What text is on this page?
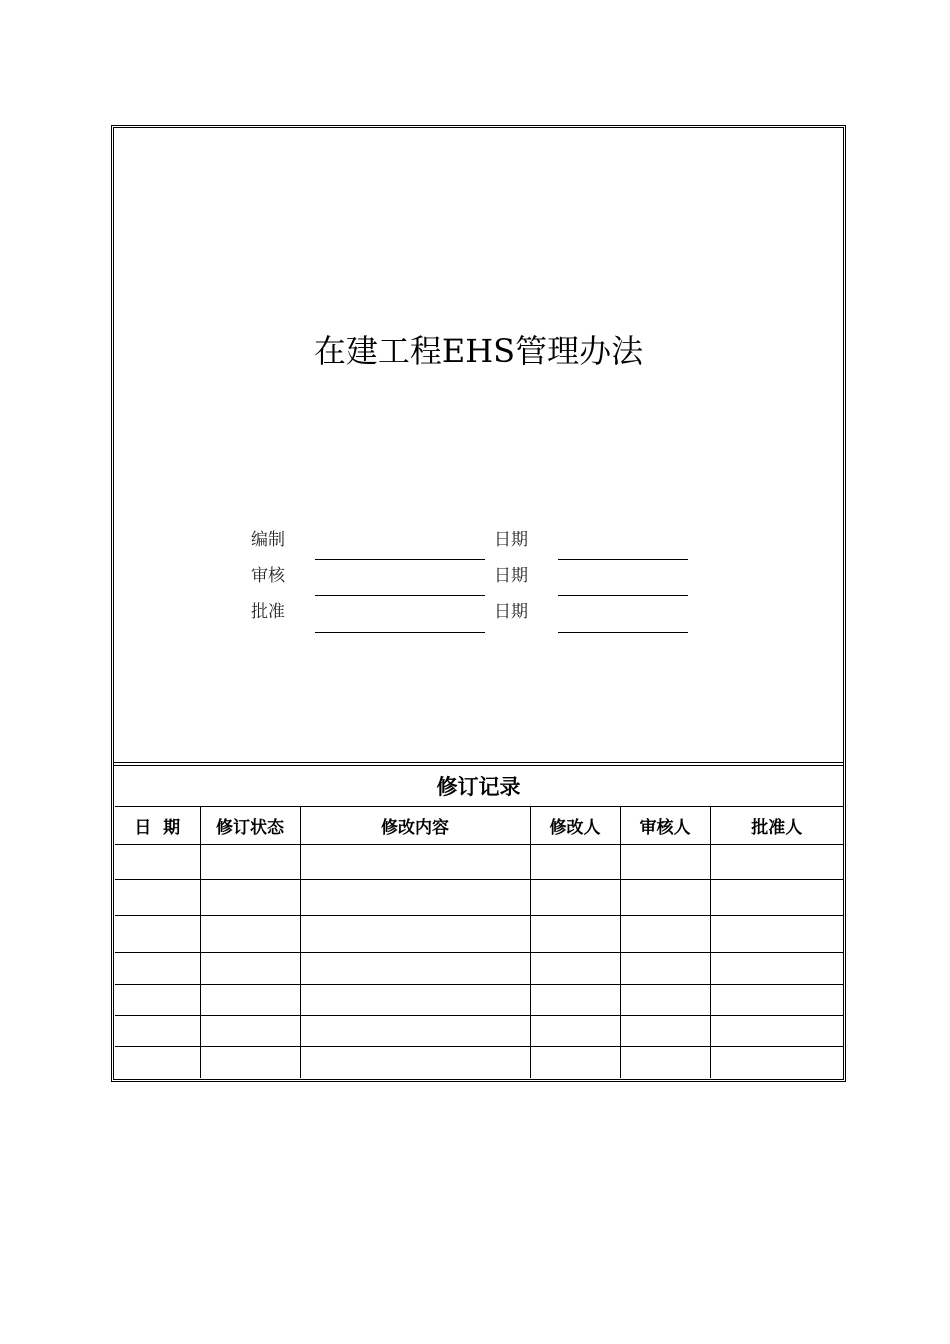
在建工程EHS管理办法
编制	日期
审核	日期
批准	日期
修订记录
日  期	修订状态	修改内容	修改人	审核人	批准人
